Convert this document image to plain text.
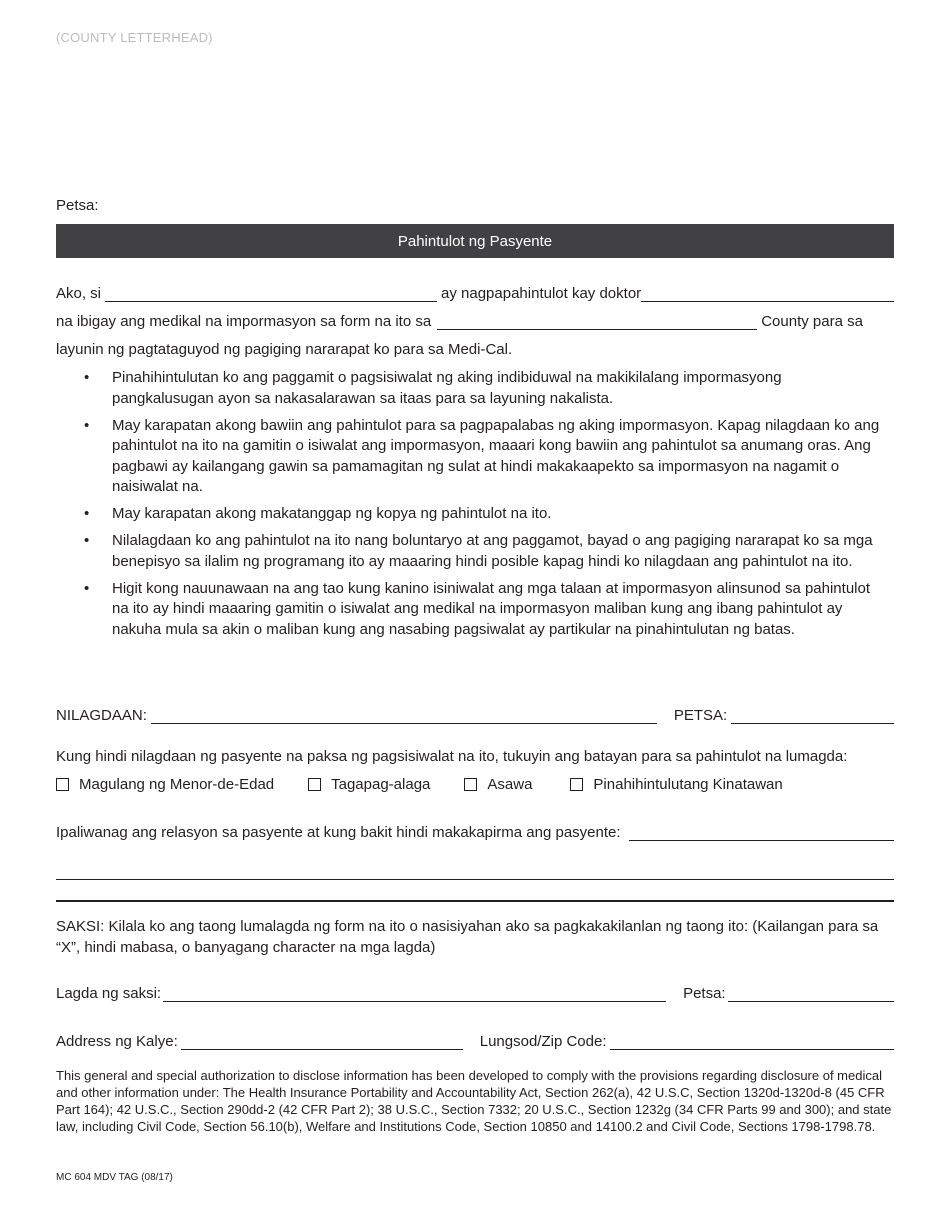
(COUNTY LETTERHEAD)
Petsa:
Pahintulot ng Pasyente
Ako, si	ay nagpapahintulot kay doktor
na ibigay ang medikal na impormasyon sa form na ito sa	County para sa
layunin ng pagtataguyod ng pagiging nararapat ko para sa Medi-Cal.
• Pinahihintulutan ko ang paggamit o pagsisiwalat ng aking indibiduwal na makikilalang impormasyong pangkalusugan ayon sa nakasalarawan sa itaas para sa layuning nakalista.
• May karapatan akong bawiin ang pahintulot para sa pagpapalabas ng aking impormasyon. Kapag nilagdaan ko ang pahintulot na ito na gamitin o isiwalat ang impormasyon, maaari kong bawiin ang pahintulot sa anumang oras. Ang pagbawi ay kailangang gawin sa pamamagitan ng sulat at hindi makakaapekto sa impormasyon na nagamit o naisiwalat na.
• May karapatan akong makatanggap ng kopya ng pahintulot na ito.
• Nilalagdaan ko ang pahintulot na ito nang boluntaryo at ang paggamot, bayad o ang pagiging nararapat ko sa mga benepisyo sa ilalim ng programang ito ay maaaring hindi posible kapag hindi ko nilagdaan ang pahintulot na ito.
• Higit kong nauunawaan na ang tao kung kanino isiniwalat ang mga talaan at impormasyon alinsunod sa pahintulot na ito ay hindi maaaring gamitin o isiwalat ang medikal na impormasyon maliban kung ang ibang pahintulot ay nakuha mula sa akin o maliban kung ang nasabing pagsiwalat ay partikular na pinahintulutan ng batas.
NILAGDAAN:	PETSA:
Kung hindi nilagdaan ng pasyente na paksa ng pagsisiwalat na ito, tukuyin ang batayan para sa pahintulot na lumagda:
Magulang ng Menor-de-Edad	Tagapag-alaga	Asawa	Pinahihintulutang Kinatawan
Ipaliwanag ang relasyon sa pasyente at kung bakit hindi makakapirma ang pasyente:
SAKSI: Kilala ko ang taong lumalagda ng form na ito o nasisiyahan ako sa pagkakakilanlan ng taong ito: (Kailangan para sa “X”, hindi mabasa, o banyagang character na mga lagda)
Lagda ng saksi:	Petsa:
Address ng Kalye:	Lungsod/Zip Code:
This general and special authorization to disclose information has been developed to comply with the provisions regarding disclosure of medical and other information under: The Health Insurance Portability and Accountability Act, Section 262(a), 42 U.S.C, Section 1320d-1320d-8 (45 CFR Part 164); 42 U.S.C., Section 290dd-2 (42 CFR Part 2); 38 U.S.C., Section 7332; 20 U.S.C., Section 1232g (34 CFR Parts 99 and 300); and state law, including Civil Code, Section 56.10(b), Welfare and Institutions Code, Section 10850 and 14100.2 and Civil Code, Sections 1798-1798.78.
MC 604 MDV TAG (08/17)
